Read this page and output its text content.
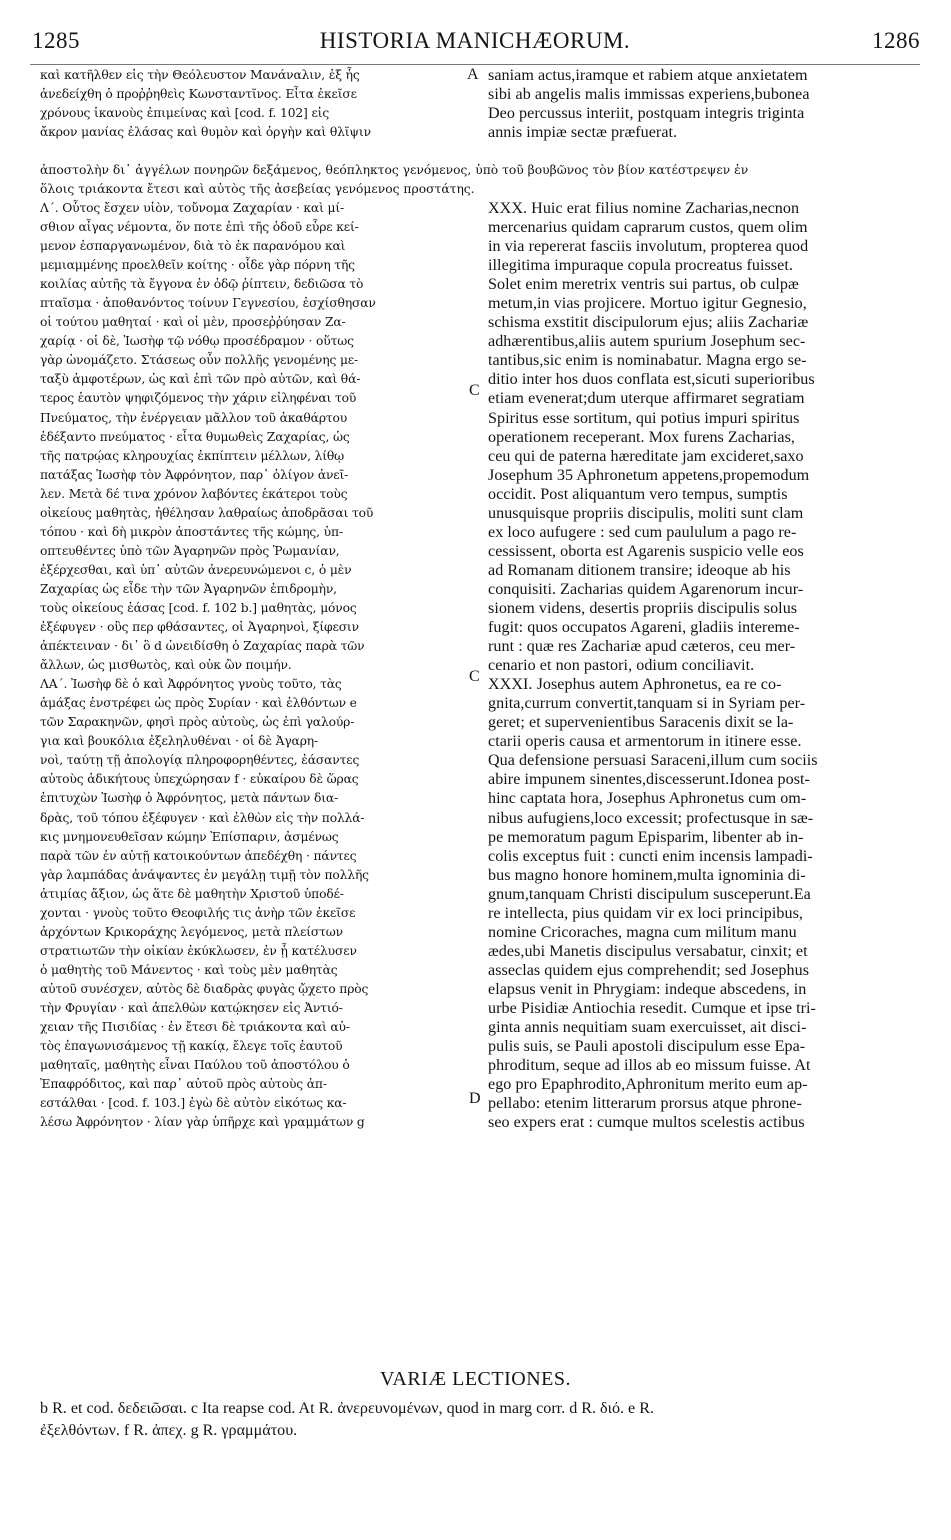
1285	HISTORIA MANICHÆORUM.	1286
καὶ κατῆλθεν εἰς τὴν Θεόλευστον Μανάναλιν, ἐξ ἧς
ἀνεδείχθη ὁ προῤῥηθεὶς Κωνσταντῖνος. Εἶτα ἐκεῖσε
χρόνους ἱκανοὺς ἐπιμείνας καὶ [cod. f. 102] εἰς
ἄκρον μανίας ἐλάσας καὶ θυμὸν καὶ ὀργὴν καὶ θλῖψιν
saniam actus,iramque et rabiem atque anxietatem
sibi ab angelis malis immissas experiens,bubonea
Deo percussus interiit, postquam integris triginta
annis impiæ sectæ præfuerat.
ἀποστολὴν δι᾽ ἀγγέλων πονηρῶν δεξάμενος, θεόπληκτος γενόμενος, ὑπὸ τοῦ βουβῶνος τὸν βίον κατέστρεψεν ἐν
ὅλοις τριάκοντα ἔτεσι καὶ αὐτὸς τῆς ἀσεβείας γενόμενος προστάτης.
Λ΄. Οὗτος ἔσχεν υἱὸν, τοὔνομα Ζαχαρίαν · καὶ μί-
σθιον αἶγας νέμοντα, ὅν ποτε ἐπὶ τῆς ὁδοῦ εὗρε κεί-
μενον ἐσπαργανωμένον, διὰ τὸ ἐκ παρανόμου καὶ
μεμιαμμένης προελθεῖν κοίτης · οἶδε γὰρ πόρνη τῆς
κοιλίας αὐτῆς τὰ ἔγγονα ἐν ὁδῷ ῥίπτειν, δεδιῶσα τὸ
πταῖσμα · ἀποθανόντος τοίνυν Γεγνεσίου, ἐσχίσθησαν
οἱ τούτου μαθηταί · καὶ οἱ μὲν, προσεῤῥύησαν Ζα-
χαρίᾳ · οἱ δὲ, Ἰωσὴφ τῷ νόθῳ προσέδραμον · οὕτως
γὰρ ὠνομάζετο. Στάσεως οὖν πολλῆς γενομένης με-
ταξὺ ἀμφοτέρων, ὡς καὶ ἐπὶ τῶν πρὸ αὐτῶν, καὶ θά-
τερος ἑαυτὸν ψηφιζόμενος τὴν χάριν εἰληφέναι τοῦ
Πνεύματος, τὴν ἐνέργειαν μᾶλλον τοῦ ἀκαθάρτου
ἐδέξαντο πνεύματος · εἶτα θυμωθεὶς Ζαχαρίας, ὡς
τῆς πατρῴας κληρουχίας ἐκπίπτειν μέλλων, λίθῳ
πατάξας Ἰωσὴφ τὸν Ἀφρόνητον, παρ᾽ ὀλίγον ἀνεῖ-
λεν. Μετὰ δέ τινα χρόνον λαβόντες ἑκάτεροι τοὺς
οἰκείους μαθητὰς, ἠθέλησαν λαθραίως ἀποδρᾶσαι τοῦ
τόπου · καὶ δὴ μικρὸν ἀποστάντες τῆς κώμης, ὑπ-
οπτευθέντες ὑπὸ τῶν Ἀγαρηνῶν πρὸς Ῥωμανίαν,
ἐξέρχεσθαι, καὶ ὑπ᾽ αὐτῶν ἀνερευνώμενοι c, ὁ μὲν
Ζαχαρίας ὡς εἶδε τὴν τῶν Ἀγαρηνῶν ἐπιδρομὴν,
τοὺς οἰκείους ἐάσας [cod. f. 102 b.] μαθητὰς, μόνος
ἐξέφυγεν · οὓς περ φθάσαντες, οἱ Ἀγαρηνοὶ, ξίφεσιν
ἀπέκτειναν · δι᾽ ὃ d ὠνειδίσθη ὁ Ζαχαρίας παρὰ τῶν
ἄλλων, ὡς μισθωτὸς, καὶ οὐκ ὢν ποιμήν.
ΛΑ΄. Ἰωσὴφ δὲ ὁ καὶ Ἀφρόνητος γνοὺς τοῦτο, τὰς
ἁμάξας ἐνστρέφει ὡς πρὸς Συρίαν · καὶ ἐλθόντων e
τῶν Σαρακηνῶν, φησὶ πρὸς αὐτοὺς, ὡς ἐπὶ γαλούρ-
για καὶ βουκόλια ἐξεληλυθέναι · οἱ δὲ Ἀγαρη-
νοὶ, ταύτῃ τῇ ἀπολογίᾳ πληροφορηθέντες, ἐάσαντες
αὐτοὺς ἀδικήτους ὑπεχώρησαν f · εὐκαίρου δὲ ὥρας
ἐπιτυχὼν Ἰωσὴφ ὁ Ἀφρόνητος, μετὰ πάντων δια-
δρὰς, τοῦ τόπου ἐξέφυγεν · καὶ ἐλθὼν εἰς τὴν πολλά-
κις μνημονευθεῖσαν κώμην Ἐπίσπαριν, ἀσμένως
παρὰ τῶν ἐν αὐτῇ κατοικούντων ἀπεδέχθη · πάντες
γὰρ λαμπάδας ἀνάψαντες ἐν μεγάλῃ τιμῇ τὸν πολλῆς
ἀτιμίας ἄξιον, ὡς ἅτε δὲ μαθητὴν Χριστοῦ ὑποδέ-
χονται · γνοὺς τοῦτο Θεοφιλής τις ἀνὴρ τῶν ἐκεῖσε
ἀρχόντων Κρικοράχης λεγόμενος, μετὰ πλείστων
στρατιωτῶν τὴν οἰκίαν ἐκύκλωσεν, ἐν ᾗ κατέλυσεν
ὁ μαθητὴς τοῦ Μάνεντος · καὶ τοὺς μὲν μαθητὰς
αὐτοῦ συνέσχεν, αὐτὸς δὲ διαδρὰς φυγὰς ᾤχετο πρὸς
τὴν Φρυγίαν · καὶ ἀπελθὼν κατῴκησεν εἰς Ἀντιό-
χειαν τῆς Πισιδίας · ἐν ἔτεσι δὲ τριάκοντα καὶ αὐ-
τὸς ἐπαγωνισάμενος τῇ κακίᾳ, ἔλεγε τοῖς ἑαυτοῦ
μαθηταῖς, μαθητὴς εἶναι Παύλου τοῦ ἀποστόλου ὁ
Ἐπαφρόδιτος, καὶ παρ᾽ αὐτοῦ πρὸς αὐτοὺς ἀπ-
εστάλθαι · [cod. f. 103.] ἐγὼ δὲ αὐτὸν εἰκότως κα-
λέσω Ἀφρόνητον · λίαν γὰρ ὑπῆρχε καὶ γραμμάτων g
XXX. Huic erat filius nomine Zacharias,necnon
mercenarius quidam caprarum custos, quem olim
in via repererat fasciis involutum, propterea quod
illegitima impuraque copula procreatus fuisset.
Solet enim meretrix ventris sui partus, ob culpæ
metum,in vias projicere. Mortuo igitur Gegnesio,
schisma exstitit discipulorum ejus; aliis Zachariæ
adhærentibus,aliis autem spurium Josephum sec-
tantibus,sic enim is nominabatur. Magna ergo se-
ditio inter hos duos conflata est,sicuti superioribus
etiam evenerat;dum uterque affirmaret segratiam
Spiritus esse sortitum, qui potius impuri spiritus
operationem receperant. Mox furens Zacharias,
ceu qui de paterna hæreditate jam excideret,saxo
Josephum 35 Aphronetum appetens,propemodum
occidit. Post aliquantum vero tempus, sumptis
unusquisque propriis discipulis, moliti sunt clam
ex loco aufugere : sed cum paululum a pago re-
cessissent, oborta est Agarenis suspicio velle eos
ad Romanam ditionem transire; ideoque ab his
conquisiti. Zacharias quidem Agarenorum incur-
sionem videns, desertis propriis discipulis solus
fugit: quos occupatos Agareni, gladiis intereme-
runt : quæ res Zachariæ apud cæteros, ceu mer-
cenario et non pastori, odium conciliavit.
XXXI. Josephus autem Aphronetus, ea re co-
gnita,currum convertit,tanquam si in Syriam per-
geret; et supervenientibus Saracenis dixit se la-
ctarii operis causa et armentorum in itinere esse.
Qua defensione persuasi Saraceni,illum cum sociis
abire impunem sinentes,discesserunt.Idonea post-
hinc captata hora, Josephus Aphronetus cum om-
nibus aufugiens,loco excessit; profectusque in sæ-
pe memoratum pagum Episparim, libenter ab in-
colis exceptus fuit : cuncti enim incensis lampadi-
bus magno honore hominem,multa ignominia di-
gnum,tanquam Christi discipulum susceperunt.Ea
re intellecta, pius quidam vir ex loci principibus,
nomine Cricoraches, magna cum militum manu
ædes,ubi Manetis discipulus versabatur, cinxit; et
asseclas quidem ejus comprehendit; sed Josephus
elapsus venit in Phrygiam: indeque abscedens, in
urbe Pisidiæ Antiochia resedit. Cumque et ipse tri-
ginta annis nequitiam suam exercuisset, ait disci-
pulis suis, se Pauli apostoli discipulum esse Epa-
phroditum, seque ad illos ab eo missum fuisse. At
ego pro Epaphrodito,Aphronitum merito eum ap-
pellabo: etenim litterarum prorsus atque phrone-
seo expers erat : cumque multos scelestis actibus
A
C
C
D
VARIÆ LECTIONES.
b R. et cod. δεδειῶσαι. c Ita reapse cod. At R. ἀνερευνομένων, quod in marg corr. d R. διό. e R.
ἐξελθόντων. f R. ἀπεχ. g R. γραμμάτου.
